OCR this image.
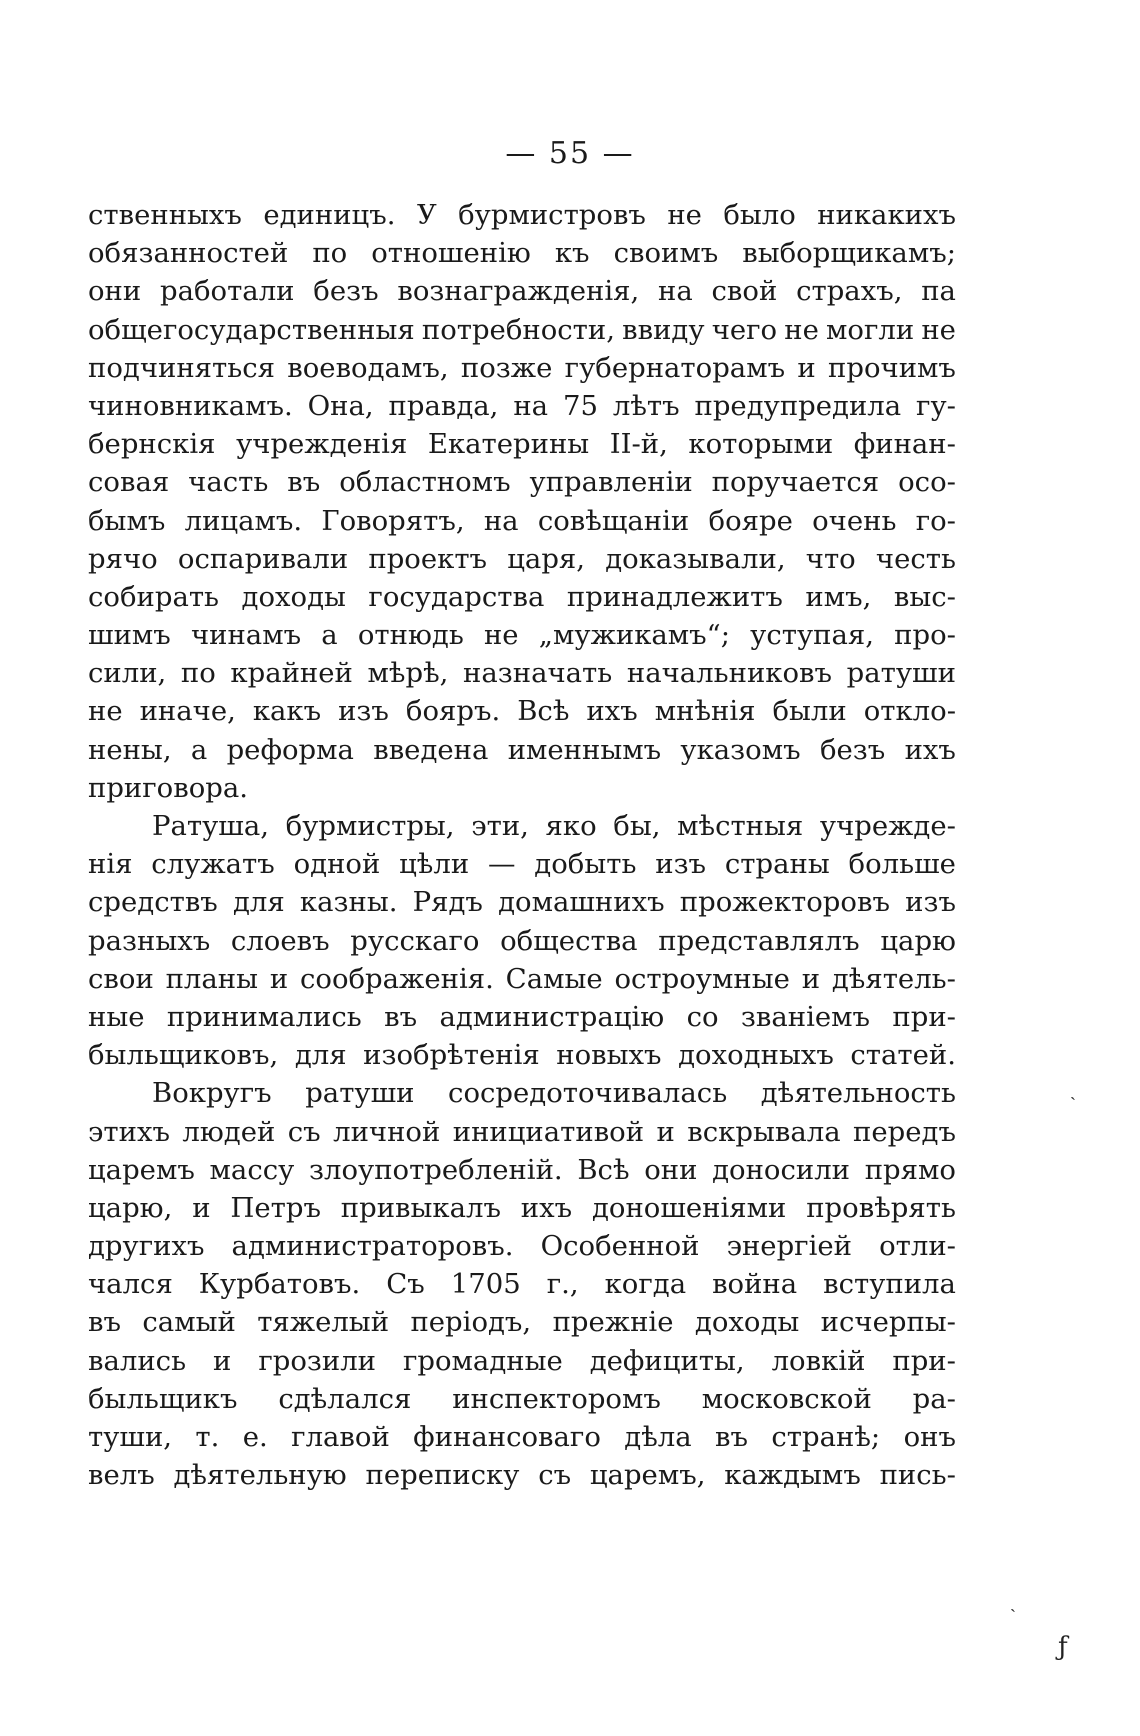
— 55 —
ственныхъ единицъ. У бурмистровъ не было никакихъ
обязанностей по отношенію къ своимъ выборщикамъ;
они работали безъ вознагражденія, на свой страхъ, па
общегосударственныя потребности, ввиду чего не могли не
подчиняться воеводамъ, позже губернаторамъ и прочимъ
чиновникамъ. Она, правда, на 75 лѣтъ предупредила гу-
бернскія учрежденія Екатерины II-й, которыми финан-
совая часть въ областномъ управленіи поручается осо-
бымъ лицамъ. Говорятъ, на совѣщаніи бояре очень го-
рячо оспаривали проектъ царя, доказывали, что честь
собирать доходы государства принадлежитъ имъ, выс-
шимъ чинамъ а отнюдь не „мужикамъ“; уступая, про-
сили, по крайней мѣрѣ, назначать начальниковъ ратуши
не иначе, какъ изъ бояръ. Всѣ ихъ мнѣнія были откло-
нены, а реформа введена именнымъ указомъ безъ ихъ
приговора.
Ратуша, бурмистры, эти, яко бы, мѣстныя учрежде-
нія служатъ одной цѣли — добыть изъ страны больше
средствъ для казны. Рядъ домашнихъ прожекторовъ изъ
разныхъ слоевъ русскаго общества представлялъ царю
свои планы и соображенія. Самые остроумные и дѣятель-
ные принимались въ администрацію со званіемъ при-
быльщиковъ, для изобрѣтенія новыхъ доходныхъ статей.
Вокругъ ратуши сосредоточивалась дѣятельность
этихъ людей съ личной инициативой и вскрывала передъ
царемъ массу злоупотребленій. Всѣ они доносили прямо
царю, и Петръ привыкалъ ихъ доношеніями провѣрять
другихъ администраторовъ. Особенной энергіей отли-
чался Курбатовъ. Съ 1705 г., когда война вступила
въ самый тяжелый періодъ, прежніе доходы исчерпы-
вались и грозили громадные дефициты, ловкій при-
быльщикъ сдѣлался инспекторомъ московской ра-
туши, т. е. главой финансоваго дѣла въ странѣ; онъ
велъ дѣятельную переписку съ царемъ, каждымъ пись-
ˎ
ˎ
ƒ
